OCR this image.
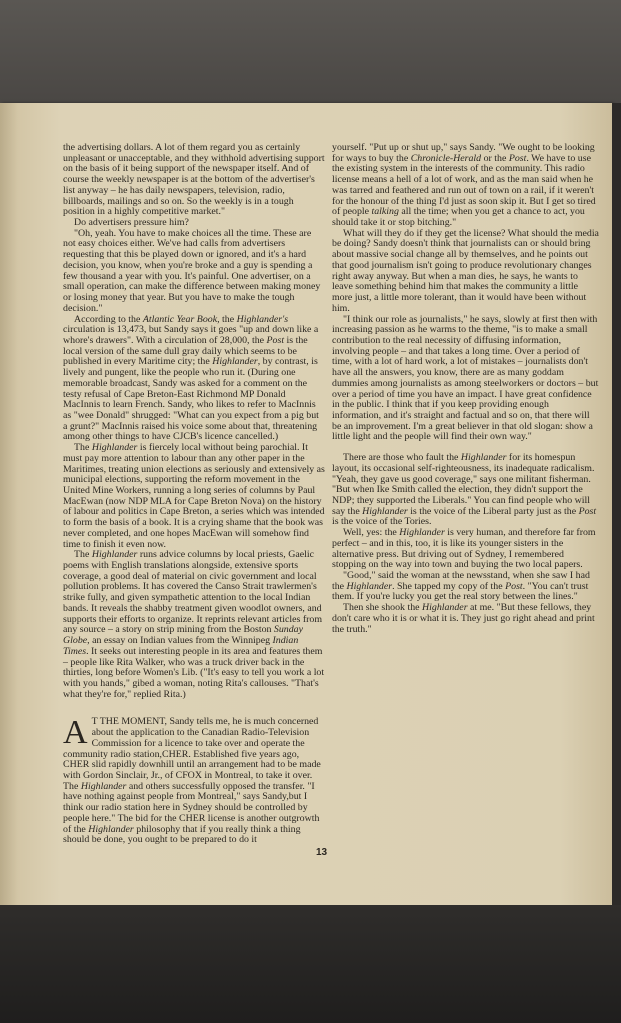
the advertising dollars. A lot of them regard you as certainly unpleasant or unacceptable, and they withhold advertising support on the basis of it being support of the newspaper itself. And of course the weekly newspaper is at the bottom of the advertiser's list anyway – he has daily newspapers, television, radio, billboards, mailings and so on. So the weekly is in a tough position in a highly competitive market."

Do advertisers pressure him?

"Oh, yeah. You have to make choices all the time. These are not easy choices either. We've had calls from advertisers requesting that this be played down or ignored, and it's a hard decision, you know, when you're broke and a guy is spending a few thousand a year with you. It's painful. One advertiser, on a small operation, can make the difference between making money or losing money that year. But you have to make the tough decision."

According to the Atlantic Year Book, the Highlander's circulation is 13,473, but Sandy says it goes "up and down like a whore's drawers". With a circulation of 28,000, the Post is the local version of the same dull gray daily which seems to be published in every Maritime city; the Highlander, by contrast, is lively and pungent, like the people who run it. (During one memorable broadcast, Sandy was asked for a comment on the testy refusal of Cape Breton-East Richmond MP Donald MacInnis to learn French. Sandy, who likes to refer to MacInnis as "wee Donald" shrugged: "What can you expect from a pig but a grunt?" MacInnis raised his voice some about that, threatening among other things to have CJCB's licence cancelled.)

The Highlander is fiercely local without being parochial. It must pay more attention to labour than any other paper in the Maritimes, treating union elections as seriously and extensively as municipal elections, supporting the reform movement in the United Mine Workers, running a long series of columns by Paul MacEwan (now NDP MLA for Cape Breton Nova) on the history of labour and politics in Cape Breton, a series which was intended to form the basis of a book. It is a crying shame that the book was never completed, and one hopes MacEwan will somehow find time to finish it even now.

The Highlander runs advice columns by local priests, Gaelic poems with English translations alongside, extensive sports coverage, a good deal of material on civic government and local pollution problems. It has covered the Canso Strait trawlermen's strike fully, and given sympathetic attention to the local Indian bands. It reveals the shabby treatment given woodlot owners, and supports their efforts to organize. It reprints relevant articles from any source – a story on strip mining from the Boston Sunday Globe, an essay on Indian values from the Winnipeg Indian Times. It seeks out interesting people in its area and features them – people like Rita Walker, who was a truck driver back in the thirties, long before Women's Lib. ("It's easy to tell you work a lot with you hands," gibed a woman, noting Rita's callouses. "That's what they're for," replied Rita.)

A T THE MOMENT, Sandy tells me, he is much concerned about the application to the Canadian Radio-Television Commission for a licence to take over and operate the community radio station,CHER. Established five years ago, CHER slid rapidly downhill until an arrangement had to be made with Gordon Sinclair, Jr., of CFOX in Montreal, to take it over. The Highlander and others successfully opposed the transfer. "I have nothing against people from Montreal," says Sandy,but I think our radio station here in Sydney should be controlled by people here." The bid for the CHER license is another outgrowth of the Highlander philosophy that if you really think a thing should be done, you ought to be prepared to do it

yourself. "Put up or shut up," says Sandy. "We ought to be looking for ways to buy the Chronicle-Herald or the Post. We have to use the existing system in the interests of the community. This radio license means a hell of a lot of work, and as the man said when he was tarred and feathered and run out of town on a rail, if it weren't for the honour of the thing I'd just as soon skip it. But I get so tired of people talking all the time; when you get a chance to act, you should take it or stop bitching."

What will they do if they get the license? What should the media be doing? Sandy doesn't think that journalists can or should bring about massive social change all by themselves, and he points out that good journalism isn't going to produce revolutionary changes right away anyway. But when a man dies, he says, he wants to leave something behind him that makes the community a little more just, a little more tolerant, than it would have been without him.

"I think our role as journalists," he says, slowly at first then with increasing passion as he warms to the theme, "is to make a small contribution to the real necessity of diffusing information, involving people – and that takes a long time. Over a period of time, with a lot of hard work, a lot of mistakes – journalists don't have all the answers, you know, there are as many goddam dummies among journalists as among steelworkers or doctors – but over a period of time you have an impact. I have great confidence in the public. I think that if you keep providing enough information, and it's straight and factual and so on, that there will be an improvement. I'm a great believer in that old slogan: show a little light and the people will find their own way."

There are those who fault the Highlander for its homespun layout, its occasional self-righteousness, its inadequate radicalism. "Yeah, they gave us good coverage," says one militant fisherman. "But when Ike Smith called the election, they didn't support the NDP; they supported the Liberals." You can find people who will say the Highlander is the voice of the Liberal party just as the Post is the voice of the Tories.

Well, yes: the Highlander is very human, and therefore far from perfect – and in this, too, it is like its younger sisters in the alternative press. But driving out of Sydney, I remembered stopping on the way into town and buying the two local papers.

"Good," said the woman at the newsstand, when she saw I had the Highlander. She tapped my copy of the Post. "You can't trust them. If you're lucky you get the real story between the lines."

Then she shook the Highlander at me. "But these fellows, they don't care who it is or what it is. They just go right ahead and print the truth."

13
